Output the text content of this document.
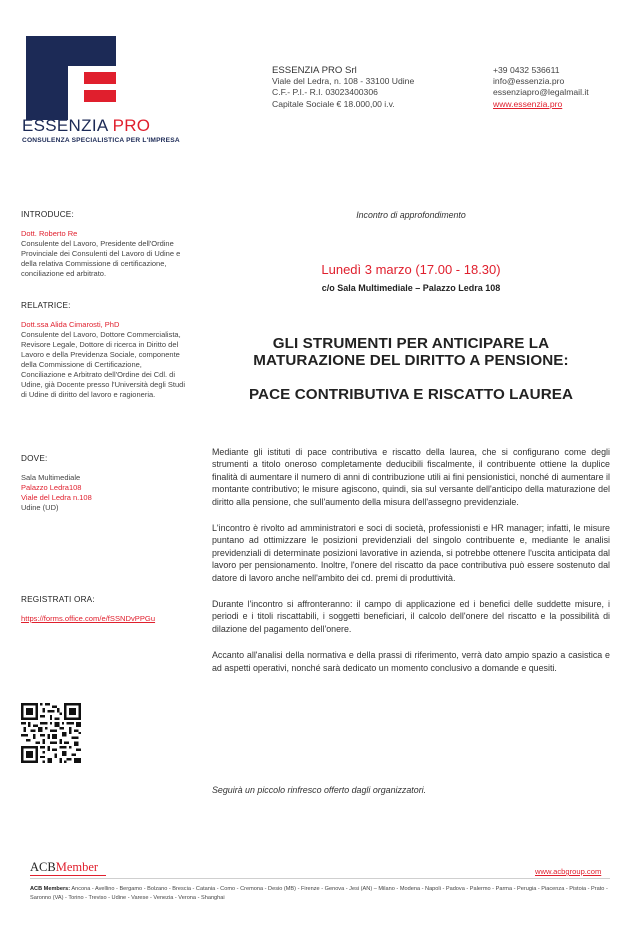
ESSENZIA PRO
CONSULENZA SPECIALISTICA PER L'IMPRESA
ESSENZIA PRO Srl
Viale del Ledra, n. 108 - 33100 Udine
C.F.- P.I.- R.I. 03023400306
Capitale Sociale € 18.000,00 i.v.
+39 0432 536611
info@essenzia.pro
essenziapro@legalmail.it
www.essenzia.pro
INTRODUCE:

Dott. Roberto Re

Consulente del Lavoro, Presidente dell'Ordine Provinciale dei Consulenti del Lavoro di Udine e della relativa Commissione di certificazione, conciliazione ed arbitrato.

RELATRICE:

Dott.ssa Alida Cimarosti, PhD

Consulente del Lavoro, Dottore Commercialista, Revisore Legale, Dottore di ricerca in Diritto del Lavoro e della Previdenza Sociale, componente della Commissione di Certificazione, Conciliazione e Arbitrato dell'Ordine dei Cdl. di Udine, già Docente presso l'Università degli Studi di Udine di diritto del lavoro e ragioneria.

DOVE:

Sala Multimediale

Palazzo Ledra108

Viale del Ledra n.108

Udine (UD)

REGISTRATI ORA:
https://forms.office.com/e/fSSNDvPPGu
Incontro di approfondimento
Lunedì 3 marzo (17.00 - 18.30)
c/o Sala Multimediale – Palazzo Ledra 108
GLI STRUMENTI PER ANTICIPARE LA
MATURAZIONE DEL DIRITTO A PENSIONE:
PACE CONTRIBUTIVA E RISCATTO LAUREA

Mediante gli istituti di pace contributiva e riscatto della laurea, che si configurano come degli strumenti a titolo oneroso completamente deducibili fiscalmente, il contribuente ottiene la duplice finalità di aumentare il numero di anni di contribuzione utili ai fini pensionistici, nonché di aumentare il montante contributivo; le misure agiscono, quindi, sia sul versante dell'anticipo della maturazione del diritto alla pensione, che sull'aumento della misura dell'assegno previdenziale.

L'incontro è rivolto ad amministratori e soci di società, professionisti e HR manager; infatti, le misure puntano ad ottimizzare le posizioni previdenziali del singolo contribuente e, mediante le analisi previdenziali di determinate posizioni lavorative in azienda, si potrebbe ottenere l'uscita anticipata dal lavoro per pensionamento. Inoltre, l'onere del riscatto da pace contributiva può essere sostenuto dal datore di lavoro anche nell'ambito dei cd. premi di produttività.

Durante l'incontro si affronteranno: il campo di applicazione ed i benefici delle suddette misure, i periodi e i titoli riscattabili, i soggetti beneficiari, il calcolo dell'onere del riscatto e la possibilità di dilazione del pagamento dell'onere.

Accanto all'analisi della normativa e della prassi di riferimento, verrà dato ampio spazio a casistica e ad aspetti operativi, nonché sarà dedicato un momento conclusivo a domande e quesiti.

Seguirà un piccolo rinfresco offerto dagli organizzatori.
ACBMember	www.acbgroup.com
ACB Members: Ancona - Avellino - Bergamo - Bolzano - Brescia - Catania - Como - Cremona - Desio (MB) - Firenze - Genova - Jesi (AN) – Milano - Modena - Napoli - Padova - Palermo - Parma - Perugia - Piacenza - Pistoia - Prato - Saronno (VA) - Torino - Treviso - Udine - Varese - Venezia - Verona - Shanghai
